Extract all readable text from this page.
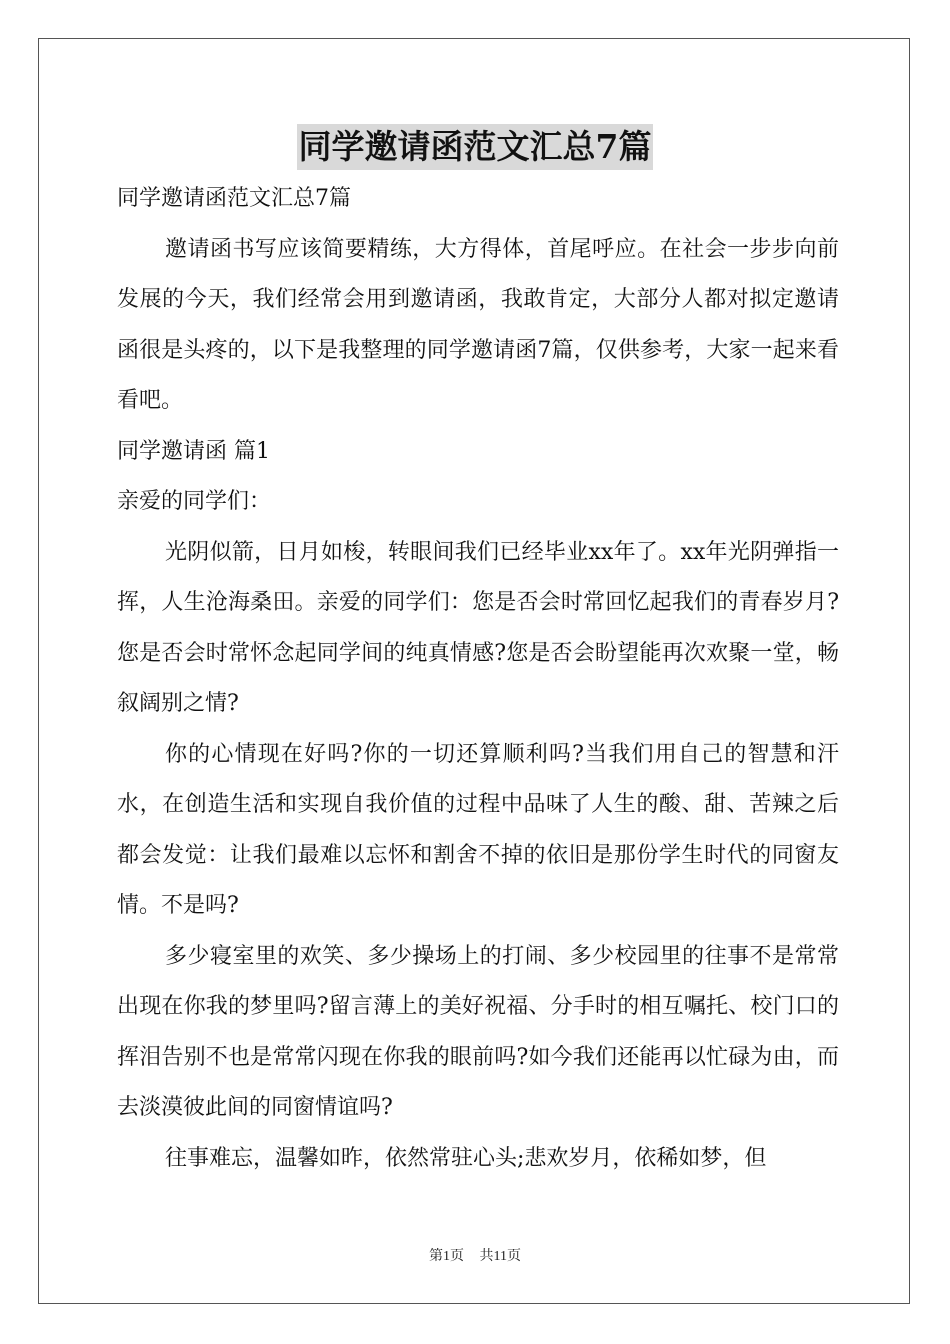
同学邀请函范文汇总7篇

同学邀请函范文汇总7篇

邀请函书写应该简要精练，大方得体，首尾呼应。在社会一步步向前发展的今天，我们经常会用到邀请函，我敢肯定，大部分人都对拟定邀请函很是头疼的，以下是我整理的同学邀请函7篇，仅供参考，大家一起来看看吧。

同学邀请函 篇1

亲爱的同学们：

光阴似箭，日月如梭，转眼间我们已经毕业xx年了。xx年光阴弹指一挥，人生沧海桑田。亲爱的同学们：您是否会时常回忆起我们的青春岁月?您是否会时常怀念起同学间的纯真情感?您是否会盼望能再次欢聚一堂，畅叙阔别之情?

你的心情现在好吗?你的一切还算顺利吗?当我们用自己的智慧和汗水，在创造生活和实现自我价值的过程中品味了人生的酸、甜、苦辣之后都会发觉：让我们最难以忘怀和割舍不掉的依旧是那份学生时代的同窗友情。不是吗?

多少寝室里的欢笑、多少操场上的打闹、多少校园里的往事不是常常出现在你我的梦里吗?留言薄上的美好祝福、分手时的相互嘱托、校门口的挥泪告别不也是常常闪现在你我的眼前吗?如今我们还能再以忙碌为由，而去淡漠彼此间的同窗情谊吗?

往事难忘，温馨如昨，依然常驻心头;悲欢岁月，依稀如梦，但

第1页 共11页
